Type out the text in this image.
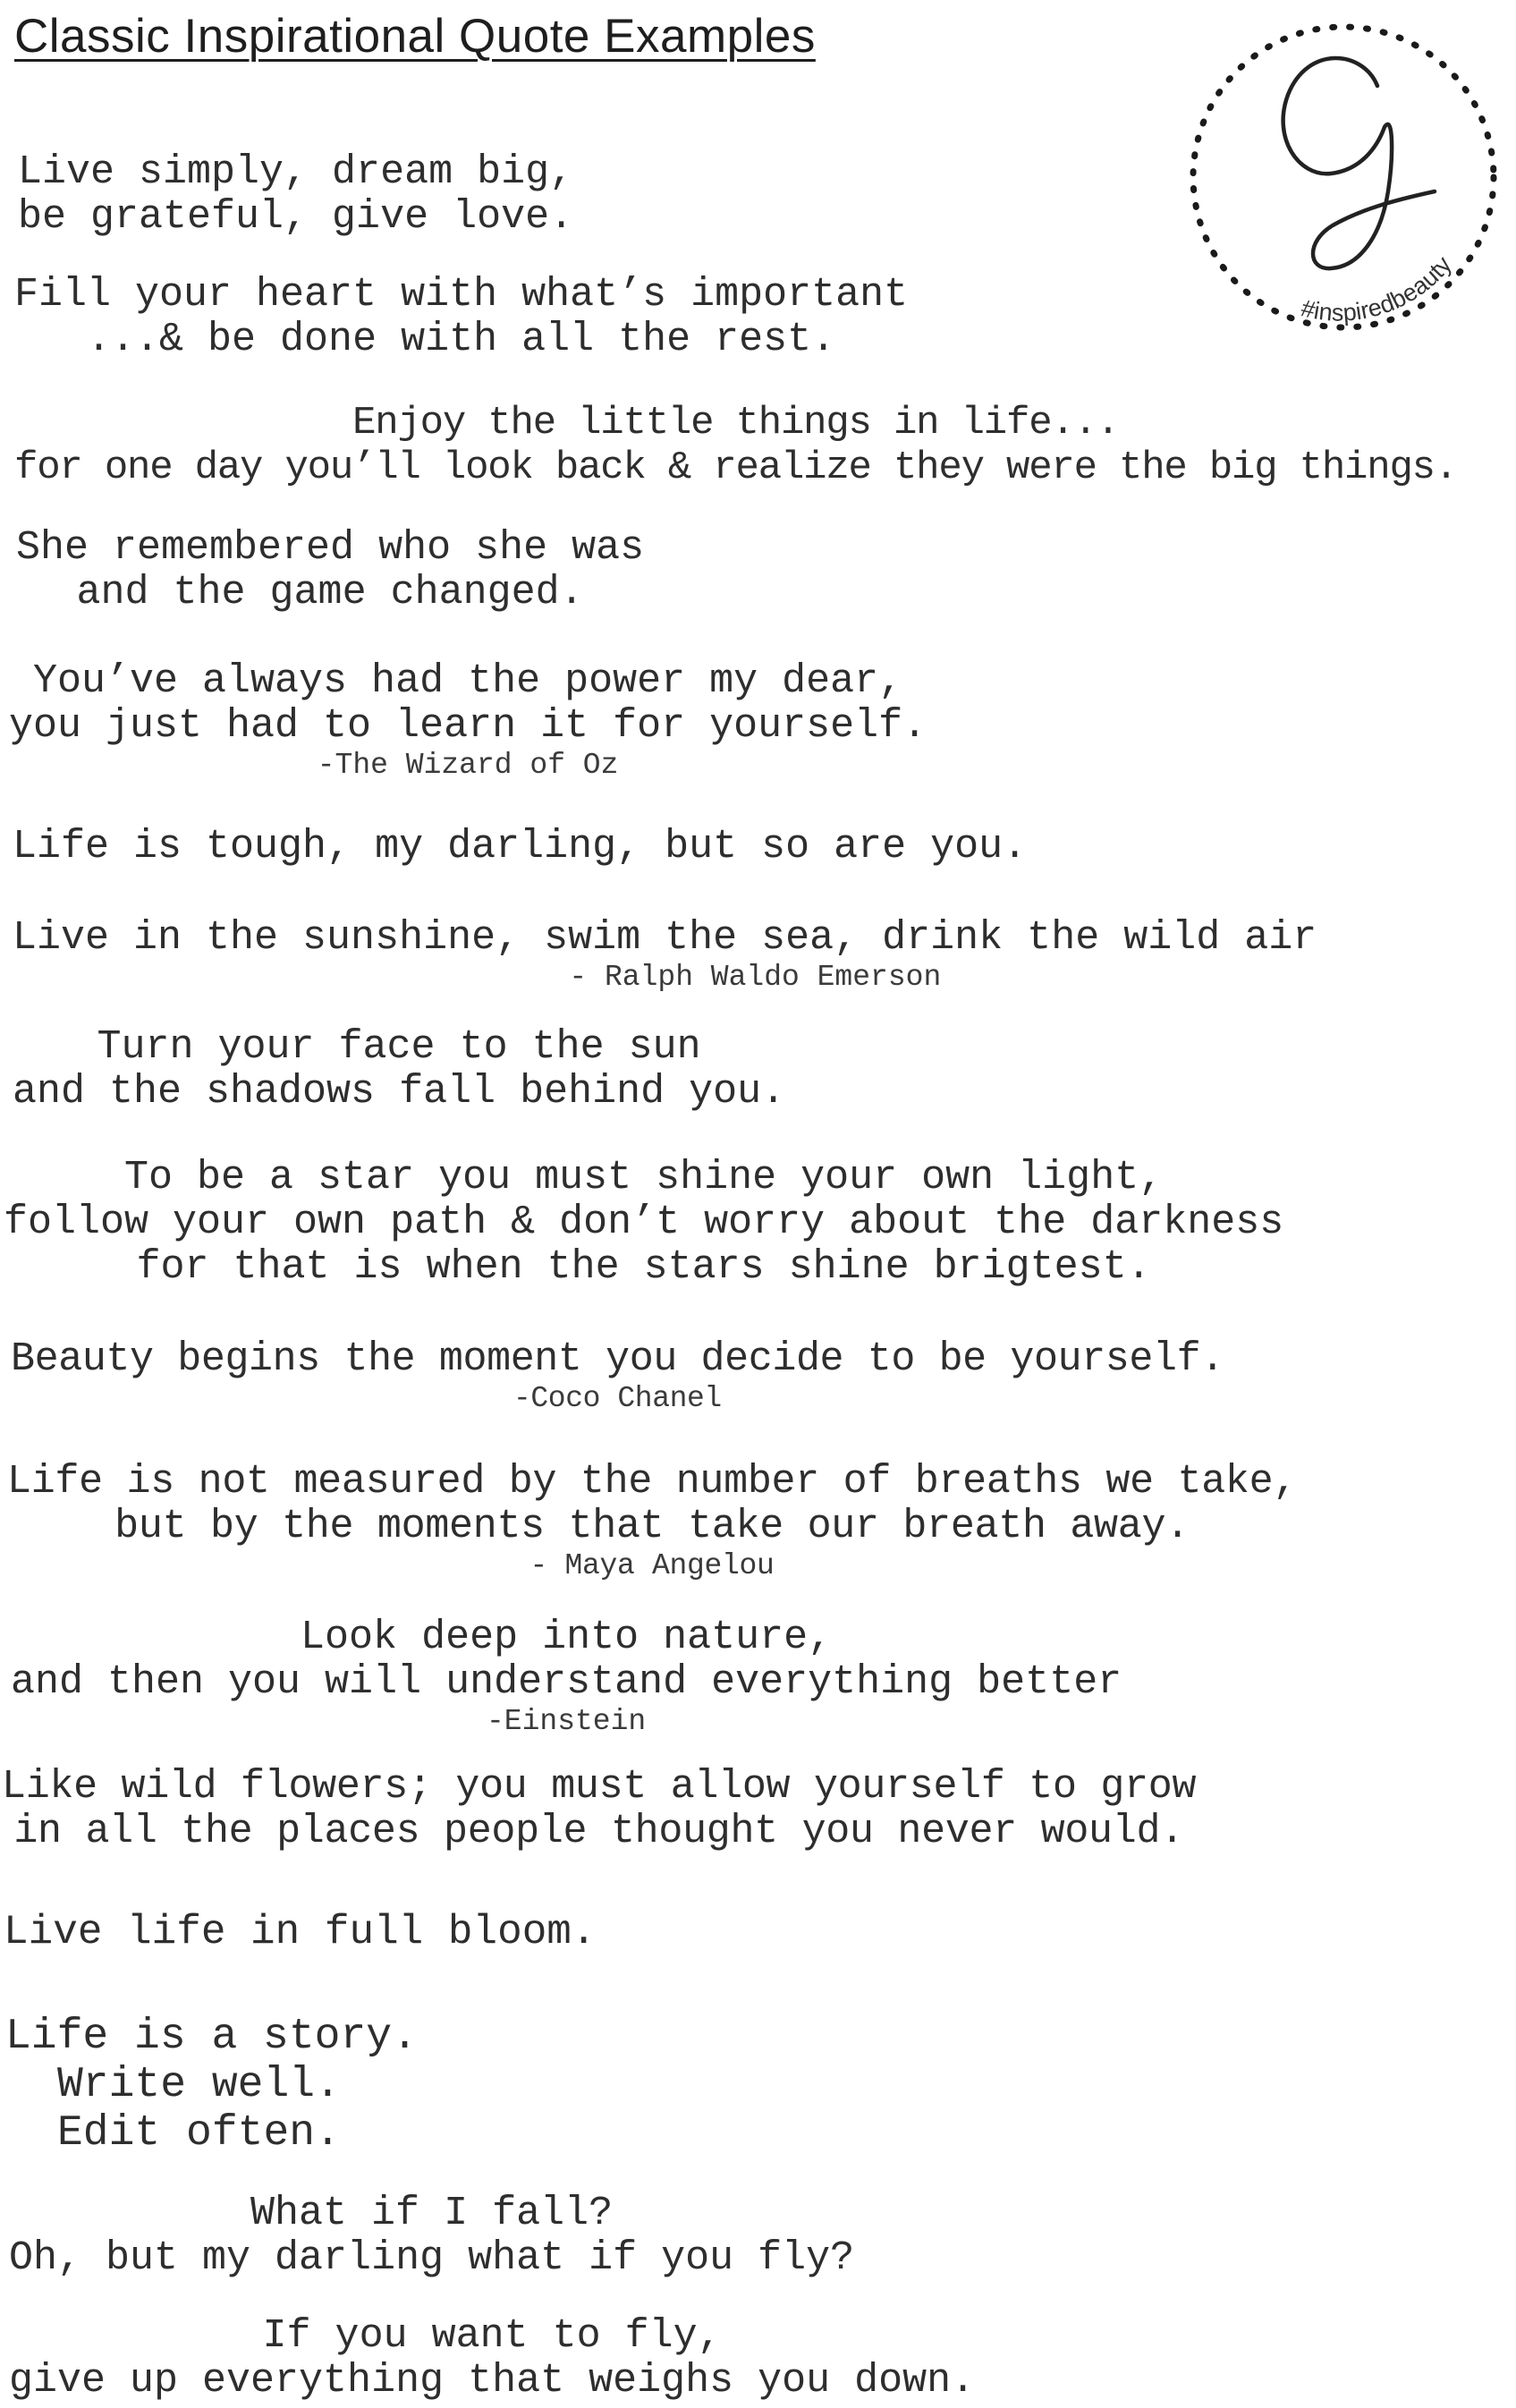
Classic Inspirational Quote Examples
#inspiredbeauty
Live simply, dream big,
be grateful, give love.
Fill your heart with what’s important
...& be done with all the rest.
Enjoy the little things in life...
for one day you’ll look back & realize they were the big things.
She remembered who she was
and the game changed.
You’ve always had the power my dear,
you just had to learn it for yourself.
-The Wizard of Oz
Life is tough, my darling, but so are you.
Live in the sunshine, swim the sea, drink the wild air
- Ralph Waldo Emerson
Turn your face to the sun
and the shadows fall behind you.
To be a star you must shine your own light,
follow your own path & don’t worry about the darkness
for that is when the stars shine brigtest.
Beauty begins the moment you decide to be yourself.
-Coco Chanel
Life is not measured by the number of breaths we take,
but by the moments that take our breath away.
- Maya Angelou
Look deep into nature,
and then you will understand everything better
-Einstein
Like wild flowers; you must allow yourself to grow
in all the places people thought you never would.
Live life in full bloom.
Life is a story.
Write well.
Edit often.
What if I fall?
Oh, but my darling what if you fly?
If you want to fly,
give up everything that weighs you down.
